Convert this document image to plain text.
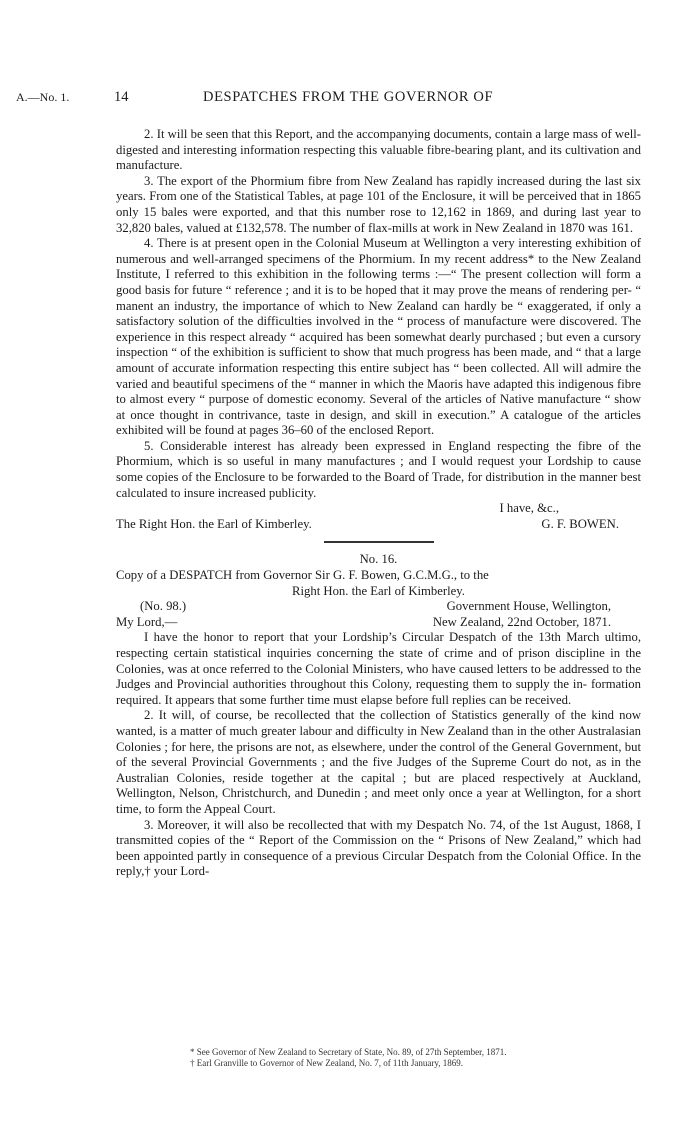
A.—No. 1.	14	DESPATCHES FROM THE GOVERNOR OF

2. It will be seen that this Report, and the accompanying documents, contain a large mass of well-digested and interesting information respecting this valuable fibre-bearing plant, and its cultivation and manufacture.

3. The export of the Phormium fibre from New Zealand has rapidly increased during the last six years. From one of the Statistical Tables, at page 101 of the Enclosure, it will be perceived that in 1865 only 15 bales were exported, and that this number rose to 12,162 in 1869, and during last year to 32,820 bales, valued at £132,578. The number of flax-mills at work in New Zealand in 1870 was 161.

4. There is at present open in the Colonial Museum at Wellington a very interesting exhibition of numerous and well-arranged specimens of the Phormium. In my recent address* to the New Zealand Institute, I referred to this exhibition in the following terms :—“ The present collection will form a good basis for future “ reference ; and it is to be hoped that it may prove the means of rendering per- “ manent an industry, the importance of which to New Zealand can hardly be “ exaggerated, if only a satisfactory solution of the difficulties involved in the “ process of manufacture were discovered. The experience in this respect already “ acquired has been somewhat dearly purchased ; but even a cursory inspection “ of the exhibition is sufficient to show that much progress has been made, and “ that a large amount of accurate information respecting this entire subject has “ been collected. All will admire the varied and beautiful specimens of the “ manner in which the Maoris have adapted this indigenous fibre to almost every “ purpose of domestic economy. Several of the articles of Native manufacture “ show at once thought in contrivance, taste in design, and skill in execution.” A catalogue of the articles exhibited will be found at pages 36–60 of the enclosed Report.

5. Considerable interest has already been expressed in England respecting the fibre of the Phormium, which is so useful in many manufactures ; and I would request your Lordship to cause some copies of the Enclosure to be forwarded to the Board of Trade, for distribution in the manner best calculated to insure increased publicity.

I have, &c.,

The Right Hon. the Earl of Kimberley.	G. F. BOWEN.

No. 16.

Copy of a DESPATCH from Governor Sir G. F. Bowen, G.C.M.G., to the

Right Hon. the Earl of Kimberley.

(No. 98.)	Government House, Wellington,
My Lord,—	New Zealand, 22nd October, 1871.

I have the honor to report that your Lordship’s Circular Despatch of the 13th March ultimo, respecting certain statistical inquiries concerning the state of crime and of prison discipline in the Colonies, was at once referred to the Colonial Ministers, who have caused letters to be addressed to the Judges and Provincial authorities throughout this Colony, requesting them to supply the in- formation required. It appears that some further time must elapse before full replies can be received.

2. It will, of course, be recollected that the collection of Statistics generally of the kind now wanted, is a matter of much greater labour and difficulty in New Zealand than in the other Australasian Colonies ; for here, the prisons are not, as elsewhere, under the control of the General Government, but of the several Provincial Governments ; and the five Judges of the Supreme Court do not, as in the Australian Colonies, reside together at the capital ; but are placed respectively at Auckland, Wellington, Nelson, Christchurch, and Dunedin ; and meet only once a year at Wellington, for a short time, to form the Appeal Court.

3. Moreover, it will also be recollected that with my Despatch No. 74, of the 1st August, 1868, I transmitted copies of the “ Report of the Commission on the “ Prisons of New Zealand,” which had been appointed partly in consequence of a previous Circular Despatch from the Colonial Office. In the reply,† your Lord-

* See Governor of New Zealand to Secretary of State, No. 89, of 27th September, 1871.

† Earl Granville to Governor of New Zealand, No. 7, of 11th January, 1869.
